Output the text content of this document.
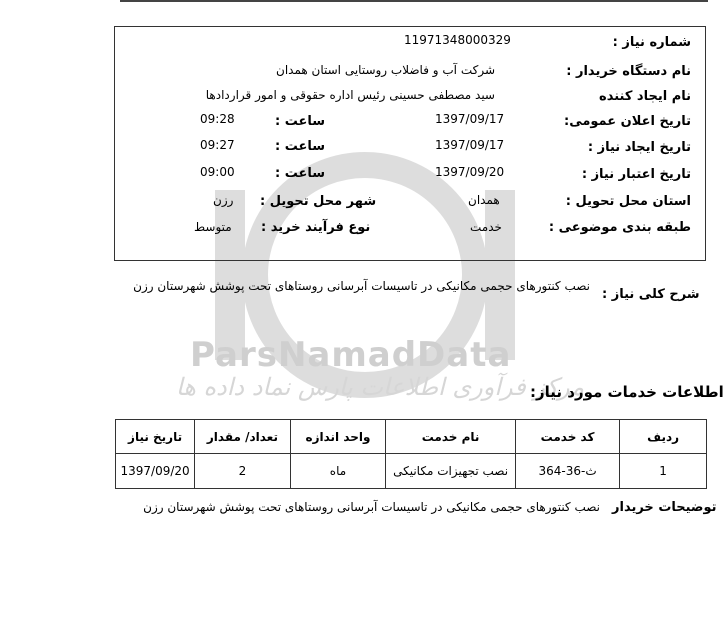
ParsNamadData
مرکز فرآوری اطلاعات پارس نماد داده ها
شماره نیاز :
11971348000329
نام دستگاه خریدار :
شرکت آب و فاضلاب روستایی استان همدان
نام ایجاد کننده
سید مصطفی حسینی رئیس اداره حقوقی و امور قراردادها
تاریخ اعلان عمومی:
1397/09/17
ساعت :
09:28
تاریخ ایجاد نیاز :
1397/09/17
ساعت :
09:27
تاریخ اعتبار نیاز :
1397/09/20
ساعت :
09:00
استان محل تحویل :
همدان
شهر محل تحویل :
رزن
طبقه بندی موضوعی :
خدمت
نوع فرآیند خرید :
متوسط
شرح کلی نیاز :
نصب کنتورهای حجمی مکانیکی در تاسیسات آبرسانی روستاهای تحت پوشش شهرستان رزن
اطلاعات خدمات مورد نیاز:
ردیف	کد خدمت	نام خدمت	واحد اندازه	تعداد/ مقدار	تاریخ نیاز
1	ث-36-364	نصب تجهیزات مکانیکی	ماه	2	1397/09/20
توضیحات خریدار
نصب کنتورهای حجمی مکانیکی در تاسیسات آبرسانی روستاهای تحت پوشش شهرستان رزن
